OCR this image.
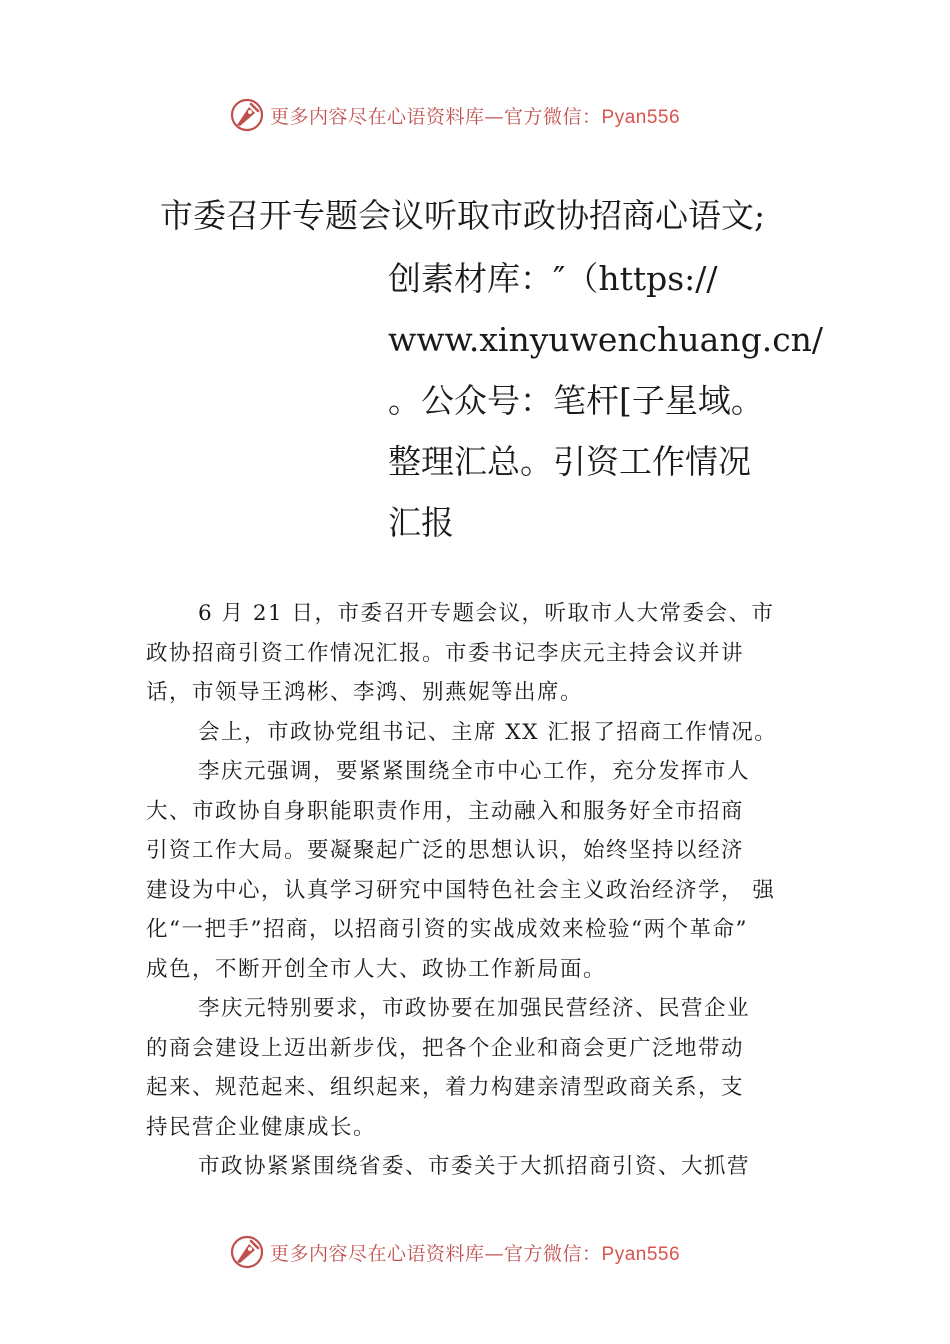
更多内容尽在心语资料库—官方微信：Pyan556
市委召开专题会议听取市政协招商心语文;
创素材库：″（https://
www.xinyuwenchuang.cn/
。公众号：笔杆[子星域。
整理汇总。引资工作情况
汇报
6 月 21 日，市委召开专题会议，听取市人大常委会、市
政协招商引资工作情况汇报。市委书记李庆元主持会议并讲
话，市领导王鸿彬、李鸿、别燕妮等出席。
会上，市政协党组书记、主席 XX 汇报了招商工作情况。
李庆元强调，要紧紧围绕全市中心工作，充分发挥市人
大、市政协自身职能职责作用，主动融入和服务好全市招商
引资工作大局。要凝聚起广泛的思想认识，始终坚持以经济
建设为中心，认真学习研究中国特色社会主义政治经济学， 强
化“一把手”招商，以招商引资的实战成效来检验“两个革命”
成色，不断开创全市人大、政协工作新局面。
李庆元特别要求，市政协要在加强民营经济、民营企业
的商会建设上迈出新步伐，把各个企业和商会更广泛地带动
起来、规范起来、组织起来，着力构建亲清型政商关系，支
持民营企业健康成长。
市政协紧紧围绕省委、市委关于大抓招商引资、大抓营
更多内容尽在心语资料库—官方微信：Pyan556
